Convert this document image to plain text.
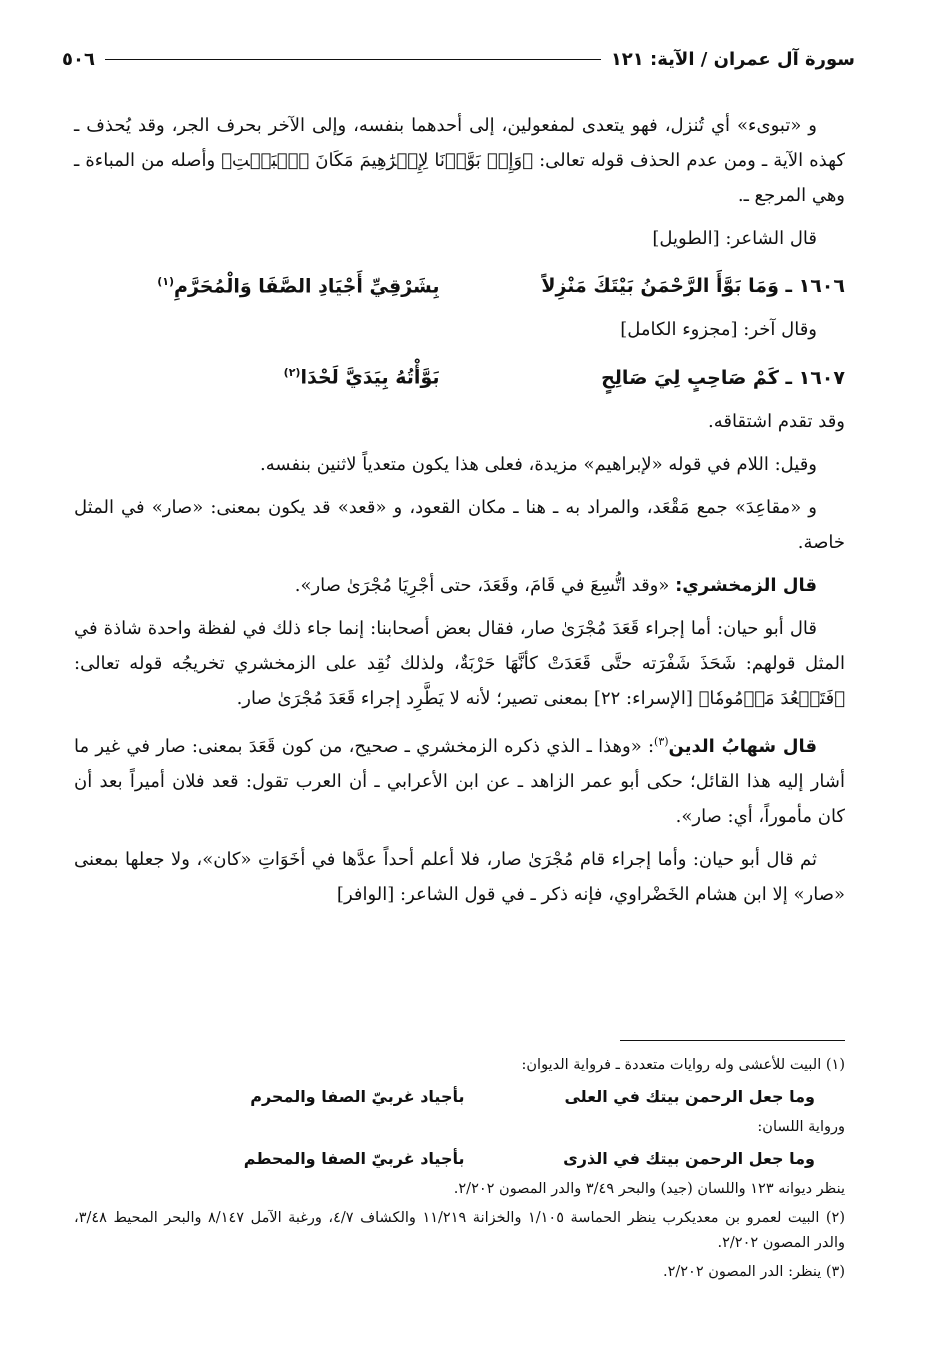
سورة آل عمران / الآية: ١٢١
٥٠٦

و «تبوىء» أي تُنزل، فهو يتعدى لمفعولين، إلى أحدهما بنفسه، وإلى الآخر بحرف الجر، وقد يُحذف ـ كهذه الآية ـ ومن عدم الحذف قوله تعالى: ﴿وَإِذۡ بَوَّأۡنَا لِإِبۡرَٰهِيمَ مَكَانَ ٱلۡبَيۡتِ﴾ وأصله من المباءة ـ وهي المرجع ـ.

قال الشاعر: [الطويل]

١٦٠٦ ـ وَمَا بَوَّأَ الرَّحْمَنُ بَيْتَكَ مَنْزِلاً
بِشَرْقِيِّ أَجْيَادِ الصَّفَا وَالْمُحَرَّمِ$^{(١)}$

وقال آخر: [مجزوء الكامل]

١٦٠٧ ـ كَمْ صَاحِبٍ لِيَ صَالِحٍ
بَوَّأْتُهُ بِيَدَيَّ لَحْدَا$^{(٢)}$

وقد تقدم اشتقاقه.

وقيل: اللام في قوله «لإبراهيم» مزيدة، فعلى هذا يكون متعدياً لاثنين بنفسه.

و «مقاعِدَ» جمع مَقْعَد، والمراد به ـ هنا ـ مكان القعود، و «قعد» قد يكون بمعنى: «صار» في المثل خاصة.

قال الزمخشري: «وقد اتُّسِعَ في قَامَ، وقَعَدَ، حتى أجْرِيَا مُجْرَىٰ صار».

قال أبو حيان: أما إجراء قَعَدَ مُجْرَىٰ صار، فقال بعض أصحابنا: إنما جاء ذلك في لفظة واحدة شاذة في المثل قولهم: شَحَذَ شَفْرَته حتَّى قَعَدَتْ كأنَّهَا حَرْبَةٌ، ولذلك نُقِد على الزمخشري تخريجُه قوله تعالى: ﴿فَتَقۡعُدَ مَذۡمُومٗا﴾ [الإسراء: ٢٢] بمعنى تصير؛ لأنه لا يَطَّرِد إجراء قَعَدَ مُجْرَىٰ صار.

قال شهابُ الدين$^{(٣)}$: «وهذا ـ الذي ذكره الزمخشري ـ صحيح، من كون قَعَدَ بمعنى: صار في غير ما أشار إليه هذا القائل؛ حكى أبو عمر الزاهد ـ عن ابن الأعرابي ـ أن العرب تقول: قعد فلان أميراً بعد أن كان مأموراً، أي: صار».

ثم قال أبو حيان: وأما إجراء قام مُجْرَىٰ صار، فلا أعلم أحداً عدَّها في أخَوَاتِ «كان»، ولا جعلها بمعنى «صار» إلا ابن هشام الخَضْراوي، فإنه ذكر ـ في قول الشاعر: [الوافر]

(١) البيت للأعشى وله روايات متعددة ـ فرواية الديوان:

وما جعل الرحمن بيتك في العلى
بأجياد غربيّ الصفا والمحرم

ورواية اللسان:

وما جعل الرحمن بيتك في الذرى
بأجياد غربيّ الصفا والمحطم

ينظر ديوانه ١٢٣ واللسان (جيد) والبحر ٣/٤٩ والدر المصون ٢/٢٠٢.

(٢) البيت لعمرو بن معديكرب ينظر الحماسة ١/١٠٥ والخزانة ١١/٢١٩ والكشاف ٤/٧، ورغبة الآمل ٨/١٤٧ والبحر المحيط ٣/٤٨، والدر المصون ٢/٢٠٢.

(٣) ينظر: الدر المصون ٢/٢٠٢.
